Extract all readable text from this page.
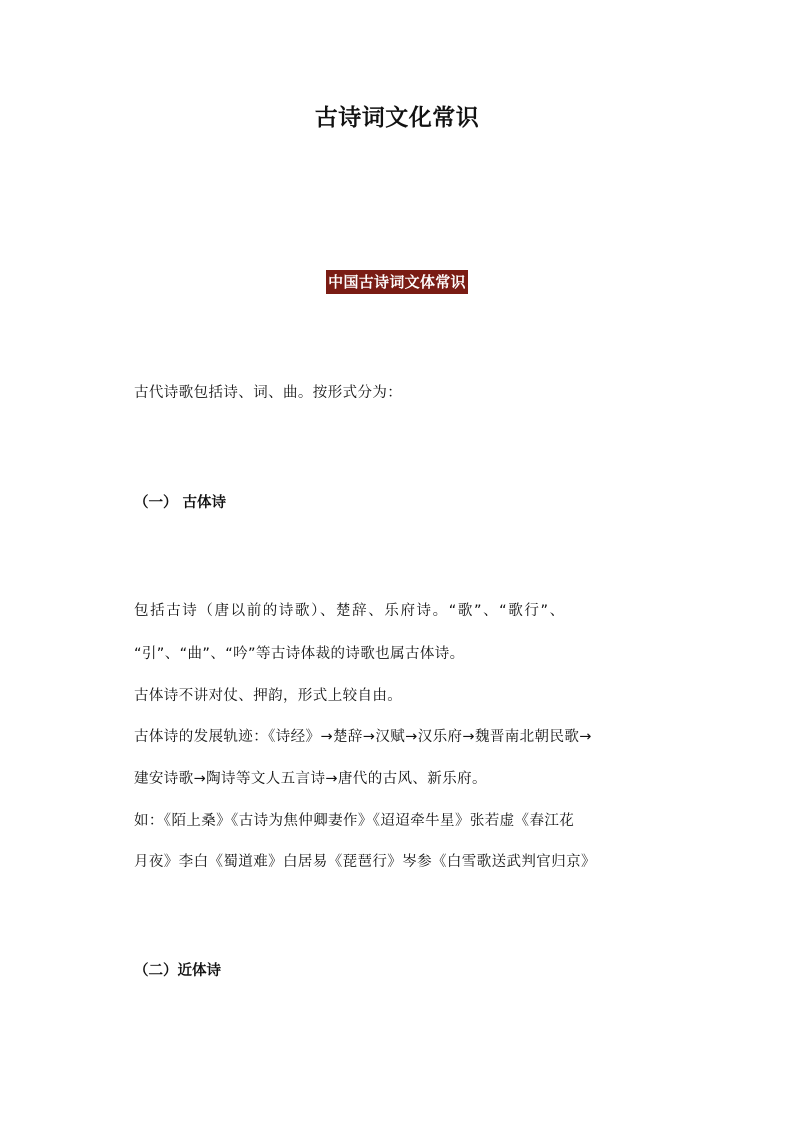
古诗词文化常识
中国古诗词文体常识
古代诗歌包括诗、词、曲。按形式分为：
（一） 古体诗
包括古诗（唐以前的诗歌）、楚辞、乐府诗。“歌”、“歌行”、
“引”、“曲”、“吟”等古诗体裁的诗歌也属古体诗。
古体诗不讲对仗、押韵，形式上较自由。
古体诗的发展轨迹：《诗经》→楚辞→汉赋→汉乐府→魏晋南北朝民歌→
建安诗歌→陶诗等文人五言诗→唐代的古风、新乐府。
如：《陌上桑》《古诗为焦仲卿妻作》《迢迢牵牛星》张若虚《春江花
月夜》李白《蜀道难》白居易《琵琶行》岑参《白雪歌送武判官归京》
（二）近体诗
